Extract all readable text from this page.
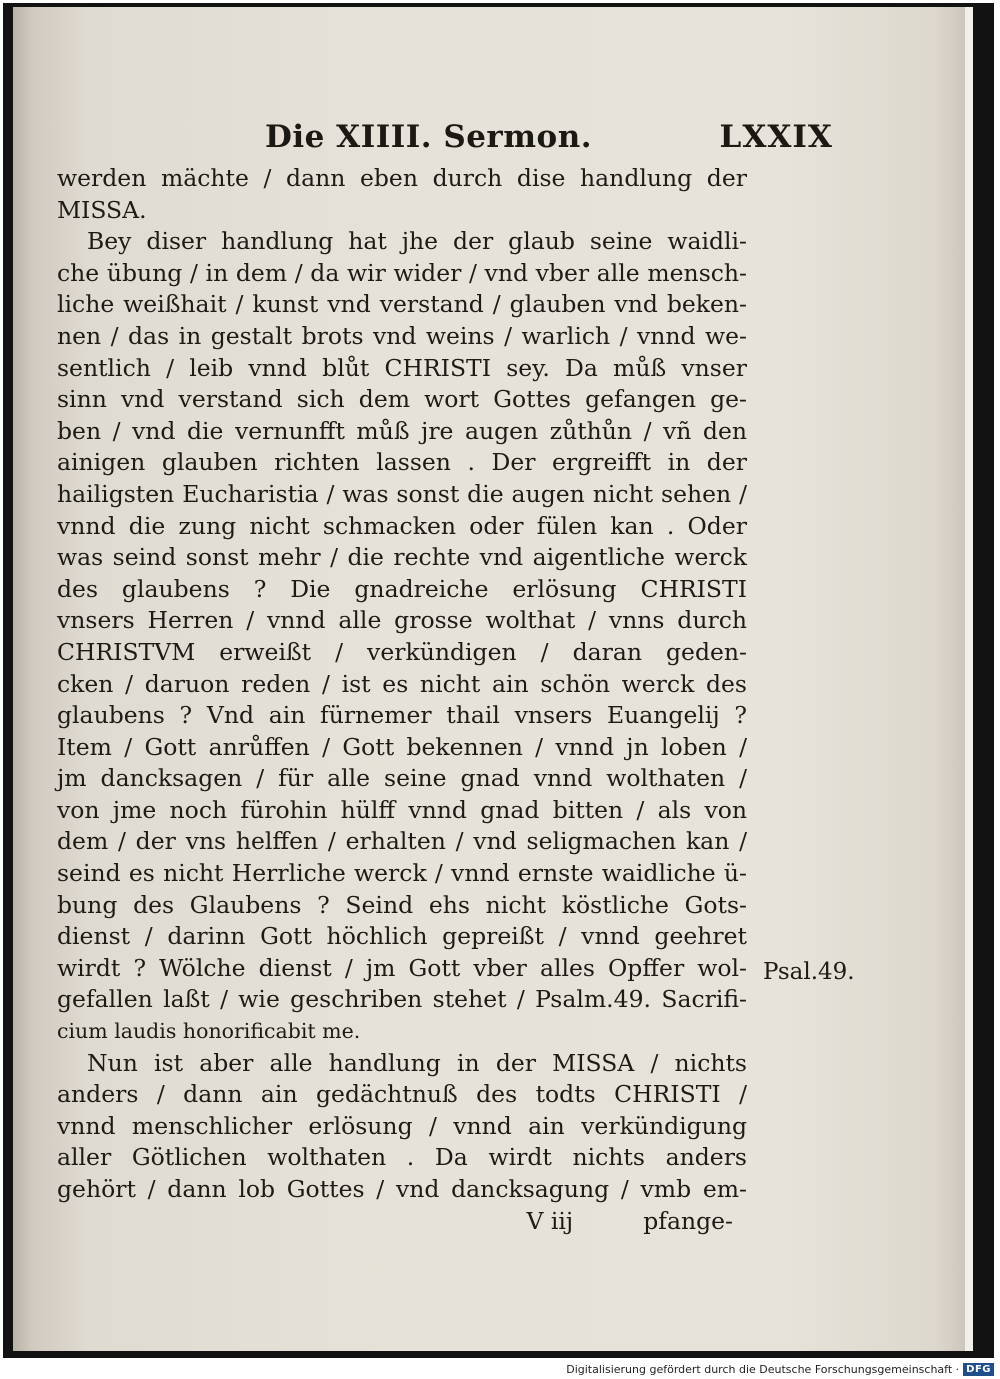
Die XIIII. Sermon.	LXXIX
werden mächte / dann eben durch dise handlung der
MISSA.
Bey diser handlung hat jhe der glaub seine waidli-
che übung / in dem / da wir wider / vnd vber alle mensch-
liche weißhait / kunst vnd verstand / glauben vnd beken-
nen / das in gestalt brots vnd weins / warlich / vnnd we-
sentlich / leib vnnd blůt CHRISTI sey. Da můß vnser
sinn vnd verstand sich dem wort Gottes gefangen ge-
ben / vnd die vernunfft můß jre augen zůthůn / vñ den
ainigen glauben richten lassen . Der ergreifft in der
hailigsten Eucharistia / was sonst die augen nicht sehen /
vnnd die zung nicht schmacken oder fülen kan . Oder
was seind sonst mehr / die rechte vnd aigentliche werck
des glaubens ? Die gnadreiche erlösung CHRISTI
vnsers Herren / vnnd alle grosse wolthat / vnns durch
CHRISTVM erweißt / verkündigen / daran geden-
cken / daruon reden / ist es nicht ain schön werck des
glaubens ? Vnd ain fürnemer thail vnsers Euangelij ?
Item / Gott anrůffen / Gott bekennen / vnnd jn loben /
jm dancksagen / für alle seine gnad vnnd wolthaten /
von jme noch fürohin hülff vnnd gnad bitten / als von
dem / der vns helffen / erhalten / vnd seligmachen kan /
seind es nicht Herrliche werck / vnnd ernste waidliche ü-
bung des Glaubens ? Seind ehs nicht köstliche Gots-
dienst / darinn Gott höchlich gepreißt / vnnd geehret
wirdt ? Wölche dienst / jm Gott vber alles Opffer wol-
gefallen laßt / wie geschriben stehet / Psalm.49. Sacrifi-
cium laudis honorificabit me.
Nun ist aber alle handlung in der MISSA / nichts
anders / dann ain gedächtnuß des todts CHRISTI /
vnnd menschlicher erlösung / vnnd ain verkündigung
aller Götlichen wolthaten . Da wirdt nichts anders
gehört / dann lob Gottes / vnd dancksagung / vmb em-
V iij	pfange-
Psal.49.
Digitalisierung gefördert durch die Deutsche Forschungsgemeinschaft · DFG
